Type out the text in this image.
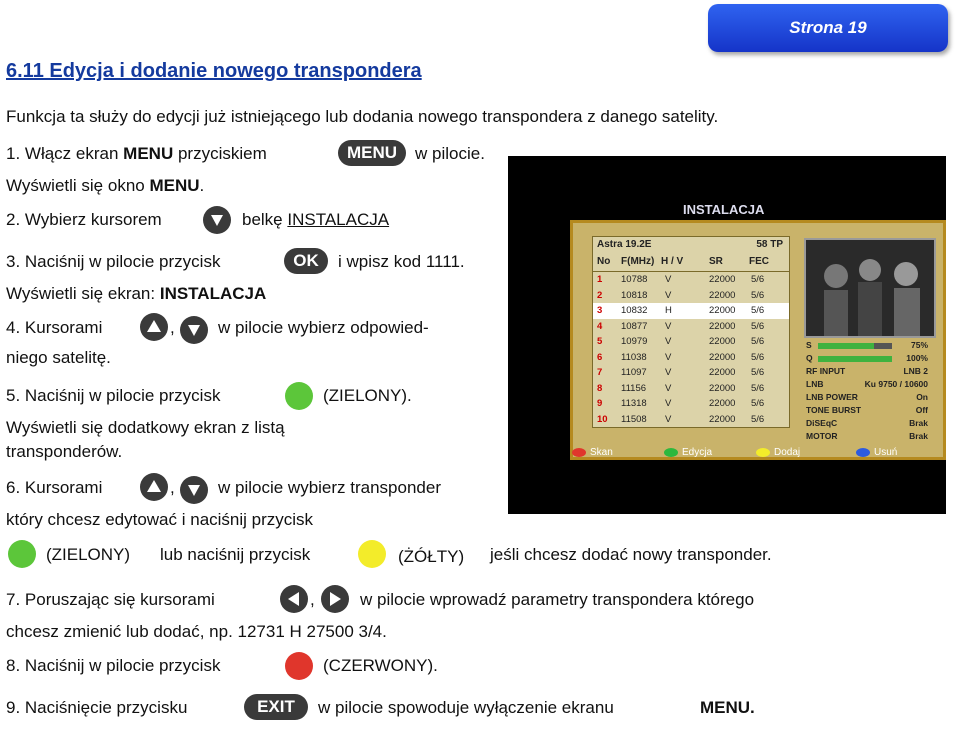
Strona 19
6.11 Edycja i dodanie nowego transpondera
Funkcja ta służy do edycji już istniejącego lub dodania nowego transpondera z danego satelity.
1. Włącz ekran MENU przyciskiem	MENU	w pilocie.
Wyświetli się okno MENU.
2. Wybierz kursorem	belkę INSTALACJA
3. Naciśnij w pilocie przycisk	OK	i wpisz kod 1111.
Wyświetli się ekran: INSTALACJA
4. Kursorami	,	w pilocie wybierz odpowied-
niego satelitę.
5. Naciśnij w pilocie przycisk	(ZIELONY).
Wyświetli się dodatkowy ekran z listą
transponderów.
6. Kursorami	,	w pilocie wybierz transponder
który chcesz edytować i naciśnij przycisk
(ZIELONY) lub naciśnij przycisk	(ŻÓŁTY) jeśli chcesz dodać nowy transponder.
7. Poruszając się kursorami	,	w pilocie wprowadź parametry transpondera którego
chcesz zmienić lub dodać, np. 12731 H 27500 3/4.
8. Naciśnij w pilocie przycisk	(CZERWONY).
9. Naciśnięcie przycisku	EXIT	w pilocie spowoduje wyłączenie ekranu	MENU.
INSTALACJA
Astra 19.2E	58 TP
No F(MHz) H / V	SR	FEC
1 10788 V	22000 5/6
2 10818 V	22000 5/6
3 10832 H	22000 5/6
4 10877 V	22000 5/6
5 10979 V	22000 5/6
6 11038 V	22000 5/6
7 11097 V	22000 5/6
8 11156 V	22000 5/6
9 11318 V	22000 5/6
10 11508 V	22000 5/6
S	75%
Q	100%
RF INPUT	LNB 2
LNB	Ku 9750 / 10600
LNB POWER	On
TONE BURST	Off
DiSEqC	Brak
MOTOR	Brak
Skan	Edycja	Dodaj	Usuń
